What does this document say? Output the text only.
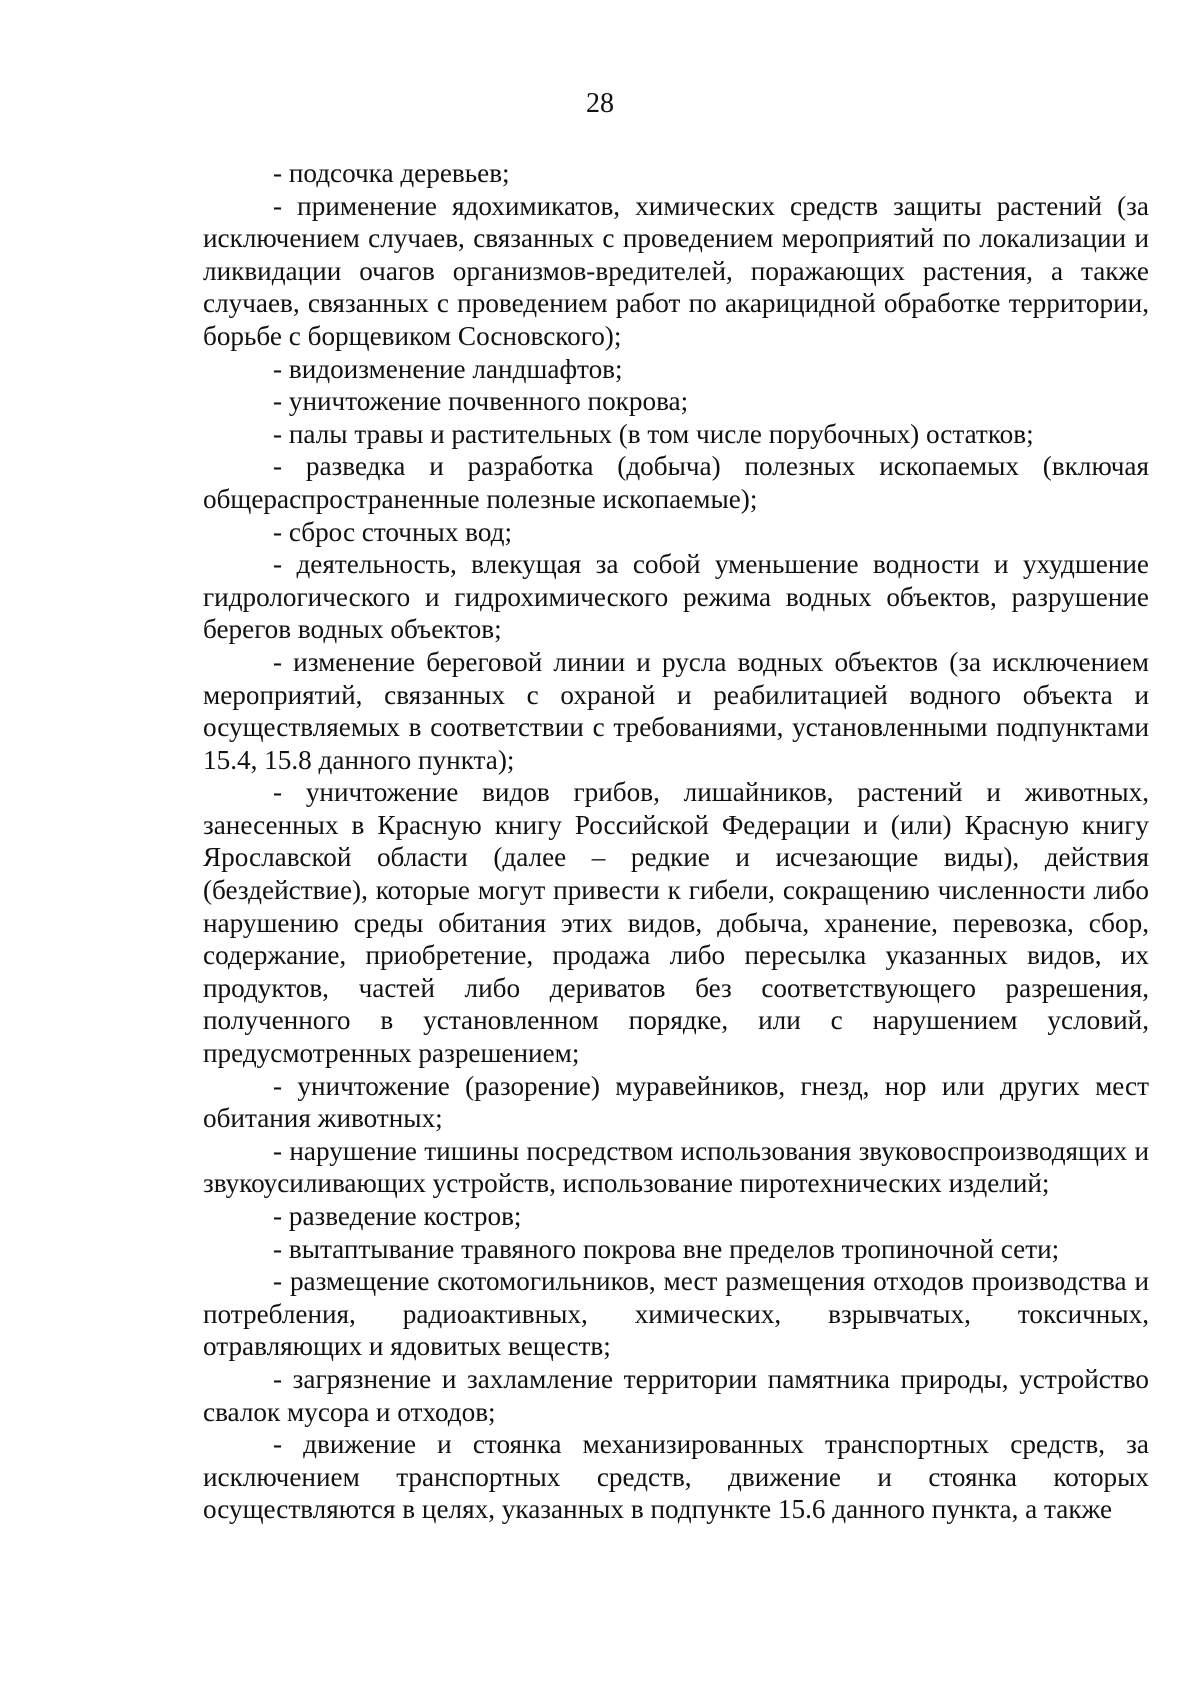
28

- подсочка деревьев;

- применение ядохимикатов, химических средств защиты растений (за исключением случаев, связанных с проведением мероприятий по локализации и ликвидации очагов организмов-вредителей, поражающих растения, а также случаев, связанных с проведением работ по акарицидной обработке территории, борьбе с борщевиком Сосновского);

- видоизменение ландшафтов;

- уничтожение почвенного покрова;

- палы травы и растительных (в том числе порубочных) остатков;

- разведка и разработка (добыча) полезных ископаемых (включая общераспространенные полезные ископаемые);

- сброс сточных вод;

- деятельность, влекущая за собой уменьшение водности и ухудшение гидрологического и гидрохимического режима водных объектов, разрушение берегов водных объектов;

- изменение береговой линии и русла водных объектов (за исключением мероприятий, связанных с охраной и реабилитацией водного объекта и осуществляемых в соответствии с требованиями, установленными подпунктами 15.4, 15.8 данного пункта);

- уничтожение видов грибов, лишайников, растений и животных, занесенных в Красную книгу Российской Федерации и (или) Красную книгу Ярославской области (далее – редкие и исчезающие виды), действия (бездействие), которые могут привести к гибели, сокращению численности либо нарушению среды обитания этих видов, добыча, хранение, перевозка, сбор, содержание, приобретение, продажа либо пересылка указанных видов, их продуктов, частей либо дериватов без соответствующего разрешения, полученного в установленном порядке, или с нарушением условий, предусмотренных разрешением;

- уничтожение (разорение) муравейников, гнезд, нор или других мест обитания животных;

- нарушение тишины посредством использования звуковоспроизводящих и звукоусиливающих устройств, использование пиротехнических изделий;

- разведение костров;

- вытаптывание травяного покрова вне пределов тропиночной сети;

- размещение скотомогильников, мест размещения отходов производства и потребления, радиоактивных, химических, взрывчатых, токсичных, отравляющих и ядовитых веществ;

- загрязнение и захламление территории памятника природы, устройство свалок мусора и отходов;

- движение и стоянка механизированных транспортных средств, за исключением транспортных средств, движение и стоянка которых осуществляются в целях, указанных в подпункте 15.6 данного пункта, а также
